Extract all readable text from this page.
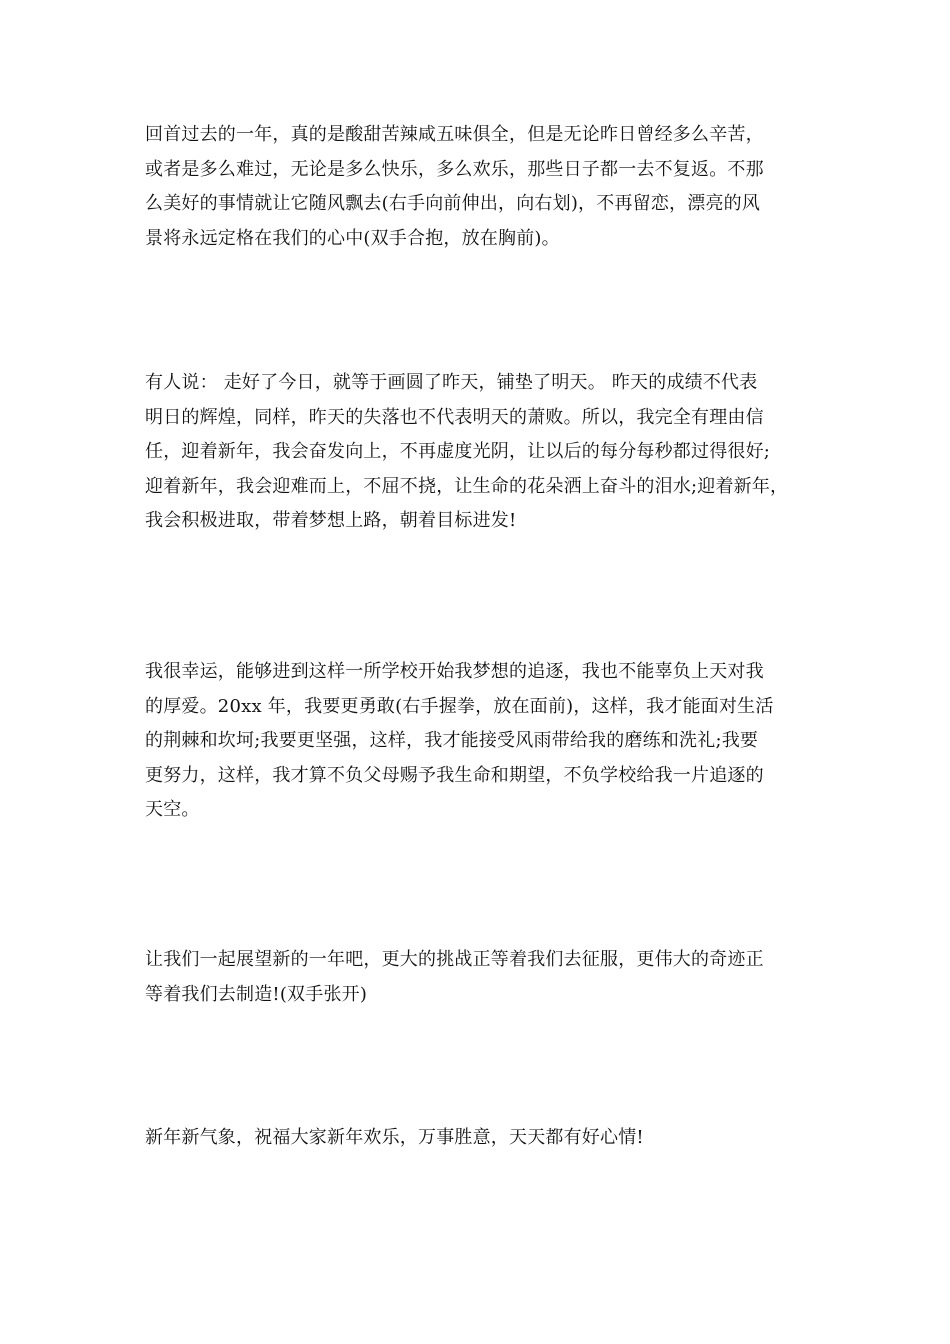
回首过去的一年，真的是酸甜苦辣咸五味俱全，但是无论昨日曾经多么辛苦，
或者是多么难过，无论是多么快乐，多么欢乐，那些日子都一去不复返。不那
么美好的事情就让它随风飘去(右手向前伸出，向右划)，不再留恋，漂亮的风
景将永远定格在我们的心中(双手合抱，放在胸前)。
有人说： 走好了今日，就等于画圆了昨天，铺垫了明天。 昨天的成绩不代表
明日的辉煌，同样，昨天的失落也不代表明天的萧败。所以，我完全有理由信
任，迎着新年，我会奋发向上，不再虚度光阴，让以后的每分每秒都过得很好;
迎着新年，我会迎难而上，不屈不挠，让生命的花朵洒上奋斗的泪水;迎着新年，
我会积极进取，带着梦想上路，朝着目标进发!
我很幸运，能够进到这样一所学校开始我梦想的追逐，我也不能辜负上天对我
的厚爱。20xx 年，我要更勇敢(右手握拳，放在面前)，这样，我才能面对生活
的荆棘和坎坷;我要更坚强，这样，我才能接受风雨带给我的磨练和洗礼;我要
更努力，这样，我才算不负父母赐予我生命和期望，不负学校给我一片追逐的
天空。
让我们一起展望新的一年吧，更大的挑战正等着我们去征服，更伟大的奇迹正
等着我们去制造!(双手张开)
新年新气象，祝福大家新年欢乐，万事胜意，天天都有好心情!
